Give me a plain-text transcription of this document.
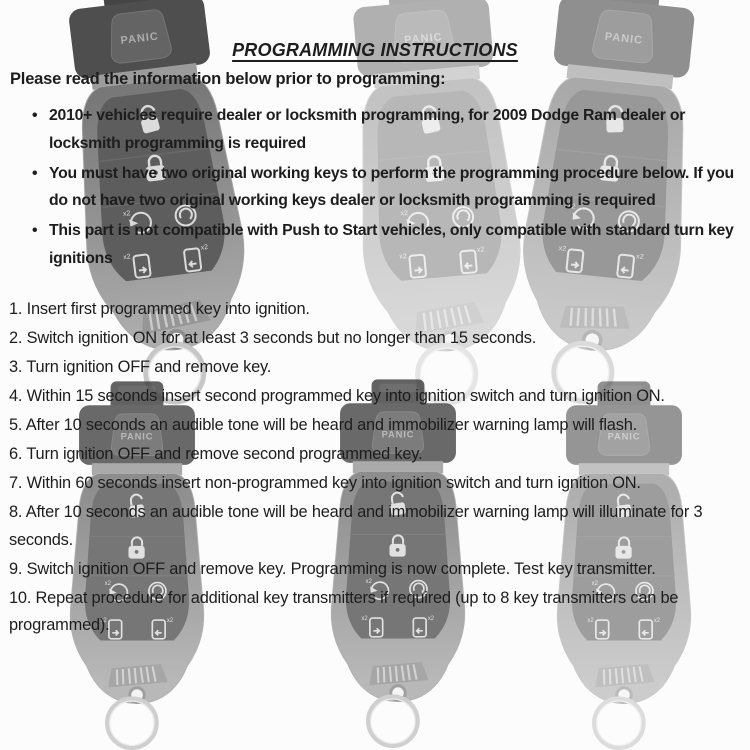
PROGRAMMING INSTRUCTIONS
Please read the information below prior to programming:
• 2010+ vehicles require dealer or locksmith programming, for 2009 Dodge Ram dealer or locksmith programming is required
• You must have two original working keys to perform the programming procedure below. If you do not have two original working keys dealer or locksmith programming is required
• This part is not compatible with Push to Start vehicles, only compatible with standard turn key ignitions
1. Insert first programmed key into ignition.
2. Switch ignition ON for at least 3 seconds but no longer than 15 seconds.
3. Turn ignition OFF and remove key.
4. Within 15 seconds insert second programmed key into ignition switch and turn ignition ON.
5. After 10 seconds an audible tone will be heard and immobilizer warning lamp will flash.
6. Turn ignition OFF and remove second programmed key.
7. Within 60 seconds insert non-programmed key into ignition switch and turn ignition ON.
8. After 10 seconds an audible tone will be heard and immobilizer warning lamp will illuminate for 3 seconds.
9. Switch ignition OFF and remove key. Programming is now complete. Test key transmitter.
10. Repeat procedure for additional key transmitters if required (up to 8 key transmitters can be programmed).
